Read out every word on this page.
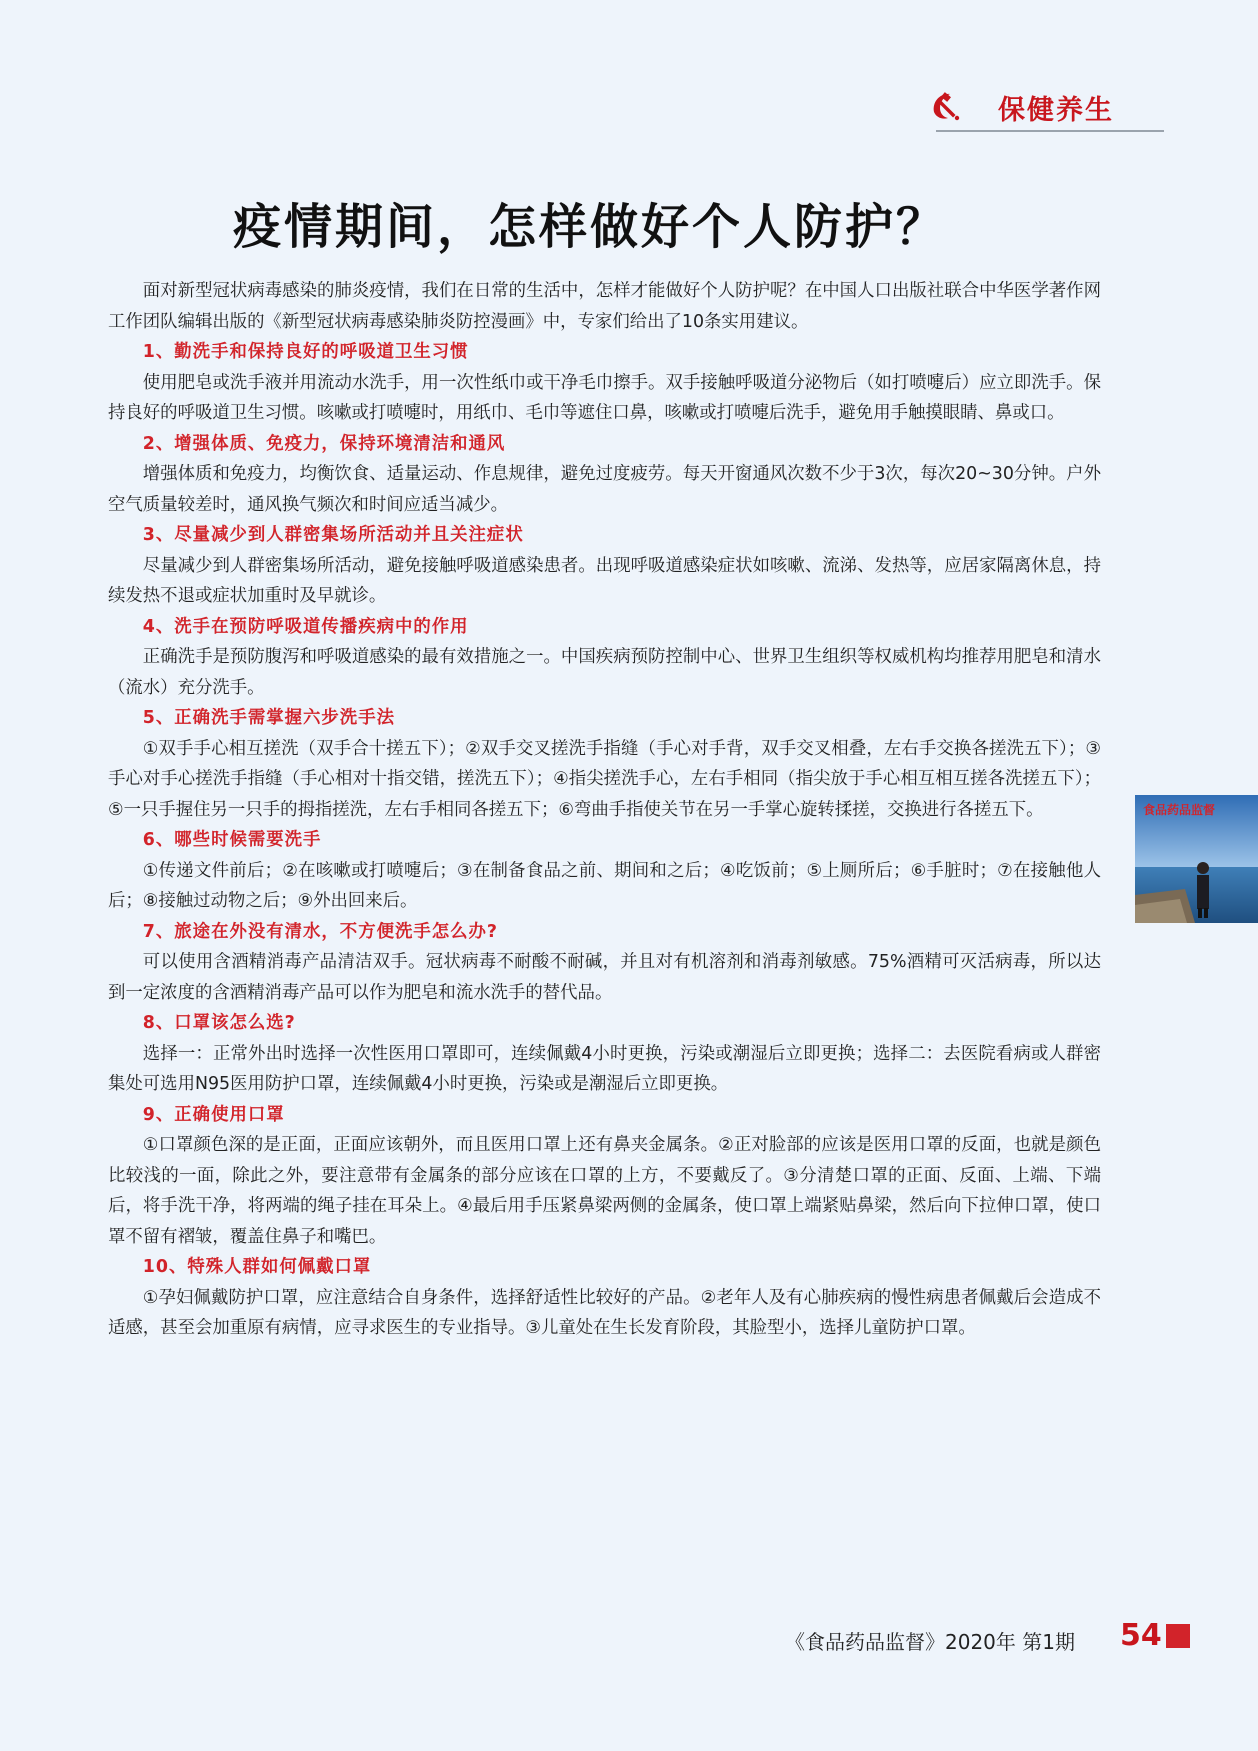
保健养生
疫情期间，怎样做好个人防护？

面对新型冠状病毒感染的肺炎疫情，我们在日常的生活中，怎样才能做好个人防护呢？在中国人口出版社联合中华医学著作网工作团队编辑出版的《新型冠状病毒感染肺炎防控漫画》中，专家们给出了10条实用建议。

1、勤洗手和保持良好的呼吸道卫生习惯

使用肥皂或洗手液并用流动水洗手，用一次性纸巾或干净毛巾擦手。双手接触呼吸道分泌物后（如打喷嚏后）应立即洗手。保持良好的呼吸道卫生习惯。咳嗽或打喷嚏时，用纸巾、毛巾等遮住口鼻，咳嗽或打喷嚏后洗手，避免用手触摸眼睛、鼻或口。

2、增强体质、免疫力，保持环境清洁和通风

增强体质和免疫力，均衡饮食、适量运动、作息规律，避免过度疲劳。每天开窗通风次数不少于3次，每次20~30分钟。户外空气质量较差时，通风换气频次和时间应适当减少。

3、尽量减少到人群密集场所活动并且关注症状

尽量减少到人群密集场所活动，避免接触呼吸道感染患者。出现呼吸道感染症状如咳嗽、流涕、发热等，应居家隔离休息，持续发热不退或症状加重时及早就诊。

4、洗手在预防呼吸道传播疾病中的作用

正确洗手是预防腹泻和呼吸道感染的最有效措施之一。中国疾病预防控制中心、世界卫生组织等权威机构均推荐用肥皂和清水（流水）充分洗手。

5、正确洗手需掌握六步洗手法

①双手手心相互搓洗（双手合十搓五下）；②双手交叉搓洗手指缝（手心对手背，双手交叉相叠，左右手交换各搓洗五下）；③手心对手心搓洗手指缝（手心相对十指交错，搓洗五下）；④指尖搓洗手心，左右手相同（指尖放于手心相互相互搓各洗搓五下）；⑤一只手握住另一只手的拇指搓洗，左右手相同各搓五下；⑥弯曲手指使关节在另一手掌心旋转揉搓，交换进行各搓五下。

6、哪些时候需要洗手

①传递文件前后；②在咳嗽或打喷嚏后；③在制备食品之前、期间和之后；④吃饭前；⑤上厕所后；⑥手脏时；⑦在接触他人后；⑧接触过动物之后；⑨外出回来后。

7、旅途在外没有清水，不方便洗手怎么办?

可以使用含酒精消毒产品清洁双手。冠状病毒不耐酸不耐碱，并且对有机溶剂和消毒剂敏感。75%酒精可灭活病毒，所以达到一定浓度的含酒精消毒产品可以作为肥皂和流水洗手的替代品。

8、口罩该怎么选?

选择一：正常外出时选择一次性医用口罩即可，连续佩戴4小时更换，污染或潮湿后立即更换；选择二：去医院看病或人群密集处可选用N95医用防护口罩，连续佩戴4小时更换，污染或是潮湿后立即更换。

9、正确使用口罩

①口罩颜色深的是正面，正面应该朝外，而且医用口罩上还有鼻夹金属条。②正对脸部的应该是医用口罩的反面，也就是颜色比较浅的一面，除此之外，要注意带有金属条的部分应该在口罩的上方，不要戴反了。③分清楚口罩的正面、反面、上端、下端后，将手洗干净，将两端的绳子挂在耳朵上。④最后用手压紧鼻梁两侧的金属条，使口罩上端紧贴鼻梁，然后向下拉伸口罩，使口罩不留有褶皱，覆盖住鼻子和嘴巴。

10、特殊人群如何佩戴口罩

①孕妇佩戴防护口罩，应注意结合自身条件，选择舒适性比较好的产品。②老年人及有心肺疾病的慢性病患者佩戴后会造成不适感，甚至会加重原有病情，应寻求医生的专业指导。③儿童处在生长发育阶段，其脸型小，选择儿童防护口罩。

食品药品监督
《食品药品监督》2020年 第1期 54
